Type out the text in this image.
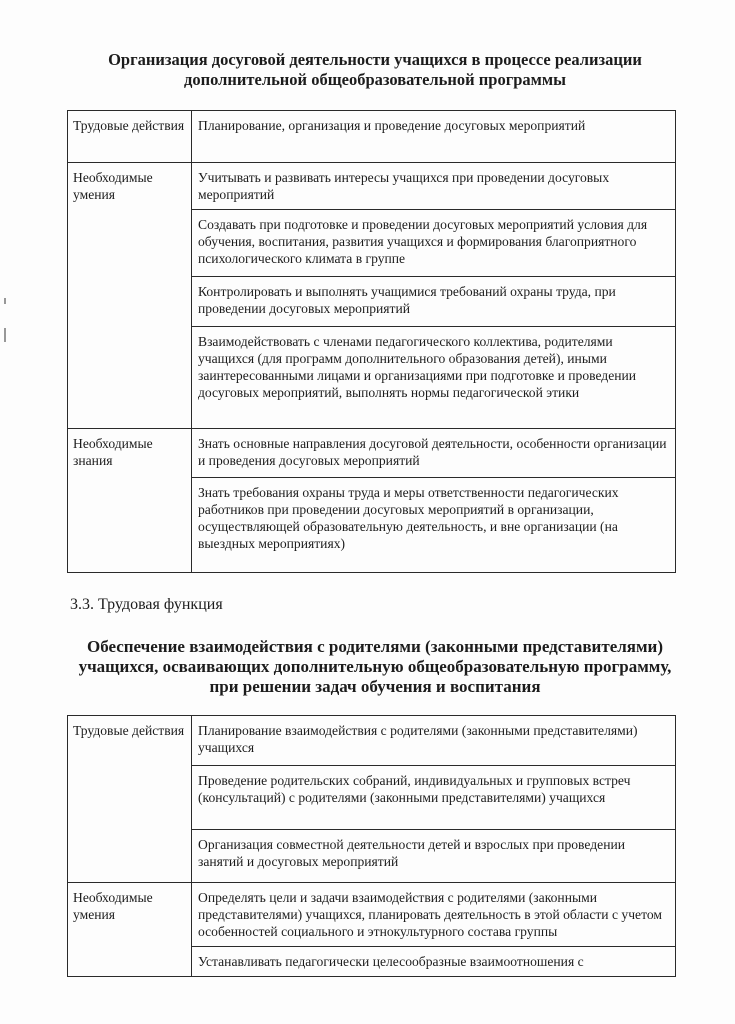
Организация досуговой деятельности учащихся в процессе реализации
дополнительной общеобразовательной программы
Трудовые действия	Планирование, организация и проведение досуговых мероприятий
Необходимые умения	Учитывать и развивать интересы учащихся при проведении досуговых мероприятий
	Создавать при подготовке и проведении досуговых мероприятий условия для обучения, воспитания, развития учащихся и формирования благоприятного психологического климата в группе
	Контролировать и выполнять учащимися требований охраны труда, при проведении досуговых мероприятий
	Взаимодействовать с членами педагогического коллектива, родителями учащихся (для программ дополнительного образования детей), иными заинтересованными лицами и организациями при подготовке и проведении досуговых мероприятий, выполнять нормы педагогической этики
Необходимые знания	Знать основные направления досуговой деятельности, особенности организации и проведения досуговых мероприятий
	Знать требования охраны труда и меры ответственности педагогических работников при проведении досуговых мероприятий в организации, осуществляющей образовательную деятельность, и вне организации (на выездных мероприятиях)
3.3. Трудовая функция
Обеспечение взаимодействия с родителями (законными представителями)
учащихся, осваивающих дополнительную общеобразовательную программу,
при решении задач обучения и воспитания
Трудовые действия	Планирование взаимодействия с родителями (законными представителями) учащихся
	Проведение родительских собраний, индивидуальных и групповых встреч (консультаций) с родителями (законными представителями) учащихся
	Организация совместной деятельности детей и взрослых при проведении занятий и досуговых мероприятий
Необходимые умения	Определять цели и задачи взаимодействия с родителями (законными представителями) учащихся, планировать деятельность в этой области с учетом особенностей социального и этнокультурного состава группы
	Устанавливать педагогически целесообразные взаимоотношения с
